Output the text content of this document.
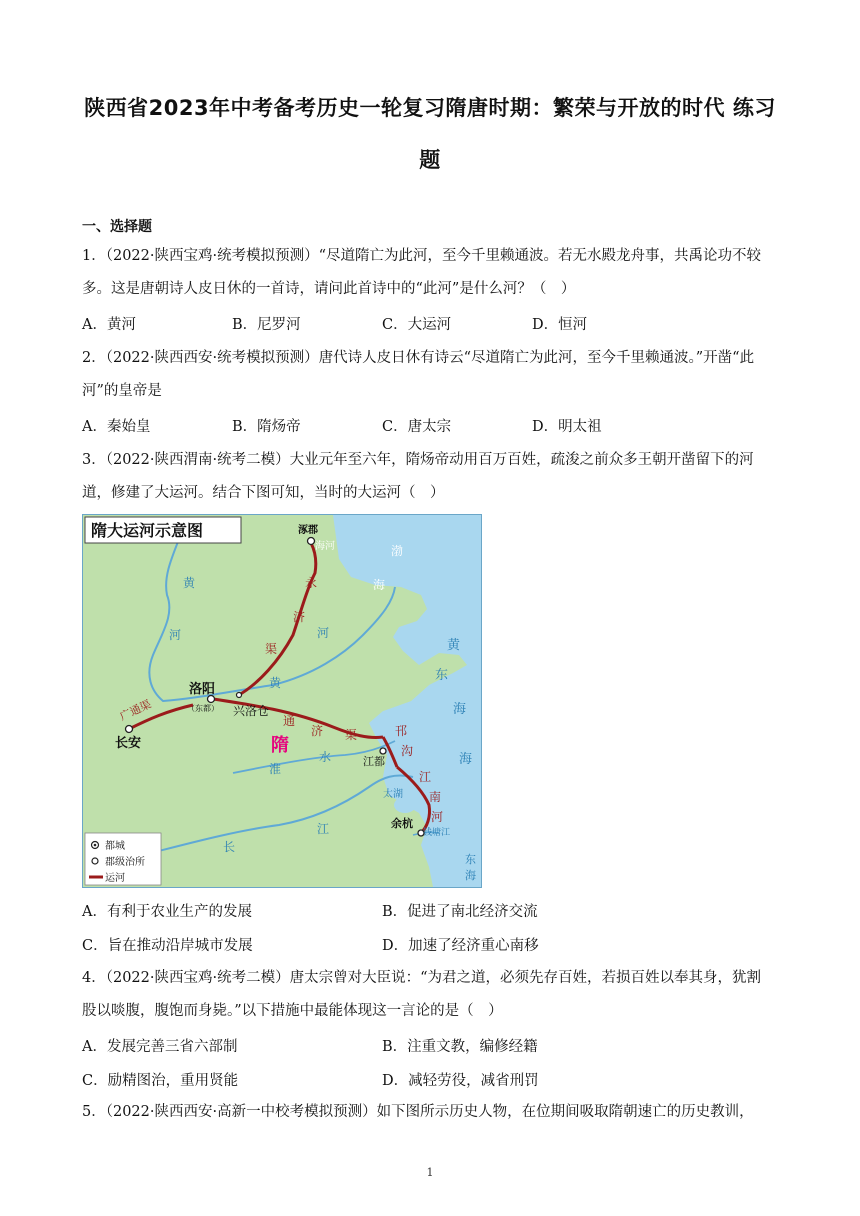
陕西省2023年中考备考历史一轮复习隋唐时期：繁荣与开放的时代 练习
题
一、选择题
1．（2022·陕西宝鸡·统考模拟预测）“尽道隋亡为此河，至今千里赖通波。若无水殿龙舟事，共禹论功不较
多。这是唐朝诗人皮日休的一首诗，请问此首诗中的“此河”是什么河？（　）
A．黄河	B．尼罗河	C．大运河	D．恒河
2．（2022·陕西西安·统考模拟预测）唐代诗人皮日休有诗云“尽道隋亡为此河，至今千里赖通波。”开凿“此
河”的皇帝是
A．秦始皇	B．隋炀帝	C．唐太宗	D．明太祖
3．（2022·陕西渭南·统考二模）大业元年至六年，隋炀帝动用百万百姓，疏浚之前众多王朝开凿留下的河
道，修建了大运河。结合下图可知，当时的大运河（　）
隋大运河示意图	涿郡
洛阳
（东都） 兴洛仓
长安
江都
余杭
隋
海河	渤
海
黄
东
海
海
东
海
黄
河
黄
永
济
渠
河
广通渠	通
济 渠
淮
水
邗
沟
江
南
河
太湖
钱塘江
长
江
都城
郡级治所
运河
A．有利于农业生产的发展	B．促进了南北经济交流
C．旨在推动沿岸城市发展	D．加速了经济重心南移
4．（2022·陕西宝鸡·统考二模）唐太宗曾对大臣说：“为君之道，必须先存百姓，若损百姓以奉其身，犹割
股以啖腹，腹饱而身毙。”以下措施中最能体现这一言论的是（　）
A．发展完善三省六部制	B．注重文教，编修经籍
C．励精图治，重用贤能	D．减轻劳役，减省刑罚
5．（2022·陕西西安·高新一中校考模拟预测）如下图所示历史人物，在位期间吸取隋朝速亡的历史教训，
1
